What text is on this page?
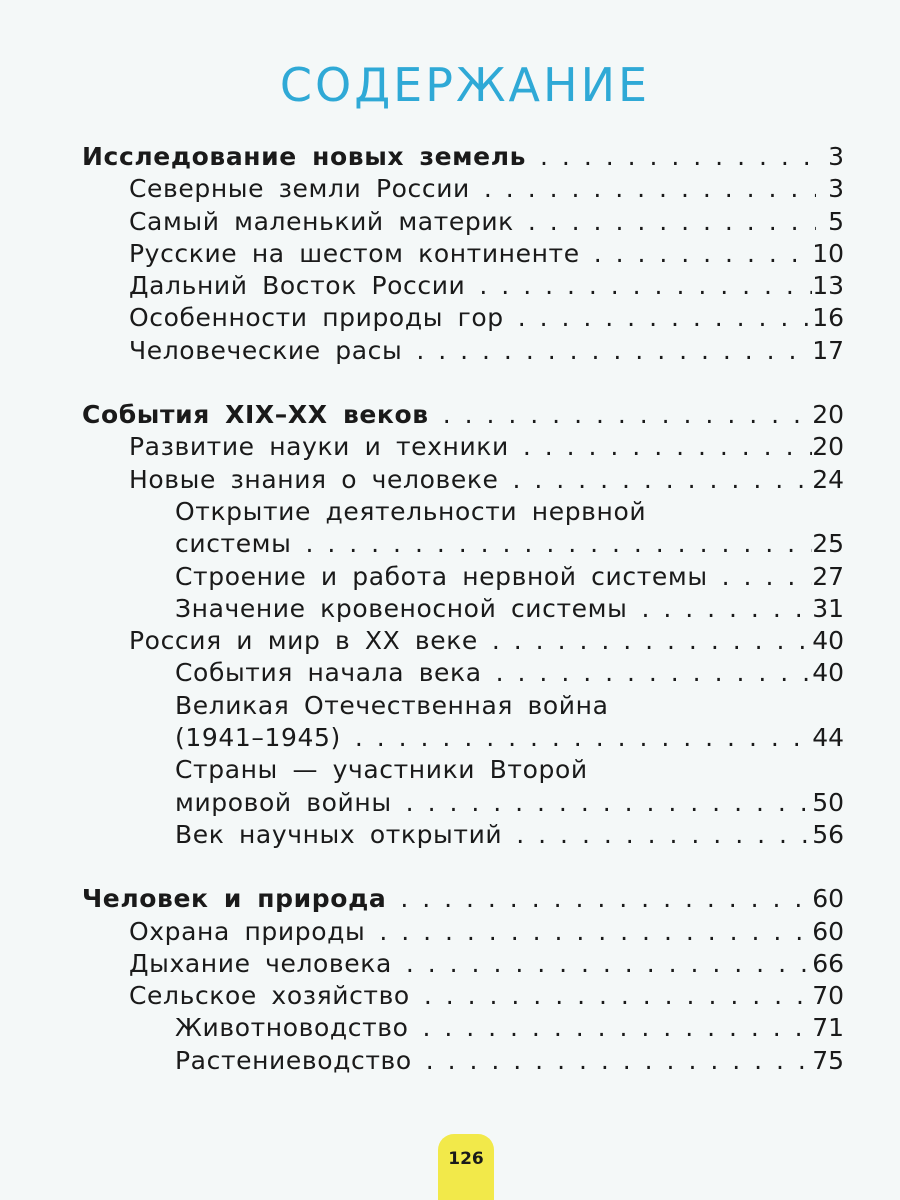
СОДЕРЖАНИЕ
Исследование новых земель . . .	3
Северные земли России . . .	3
Самый маленький материк . . .	5
Русские на шестом континенте . . .	10
Дальний Восток России . . .	13
Особенности природы гор . . .	16
Человеческие расы . . .	17
События XIX–XX веков . . .	20
Развитие науки и техники . . .	20
Новые знания о человеке . . .	24
Открытие деятельности нервной
системы . . .	25
Строение и работа нервной системы . . .	27
Значение кровеносной системы . . .	31
Россия и мир в XX веке . . .	40
События начала века . . .	40
Великая Отечественная война
(1941–1945) . . .	44
Страны — участники Второй
мировой войны . . .	50
Век научных открытий . . .	56
Человек и природа . . .	60
Охрана природы . . .	60
Дыхание человека . . .	66
Сельское хозяйство . . .	70
Животноводство . . .	71
Растениеводство . . .	75
126
